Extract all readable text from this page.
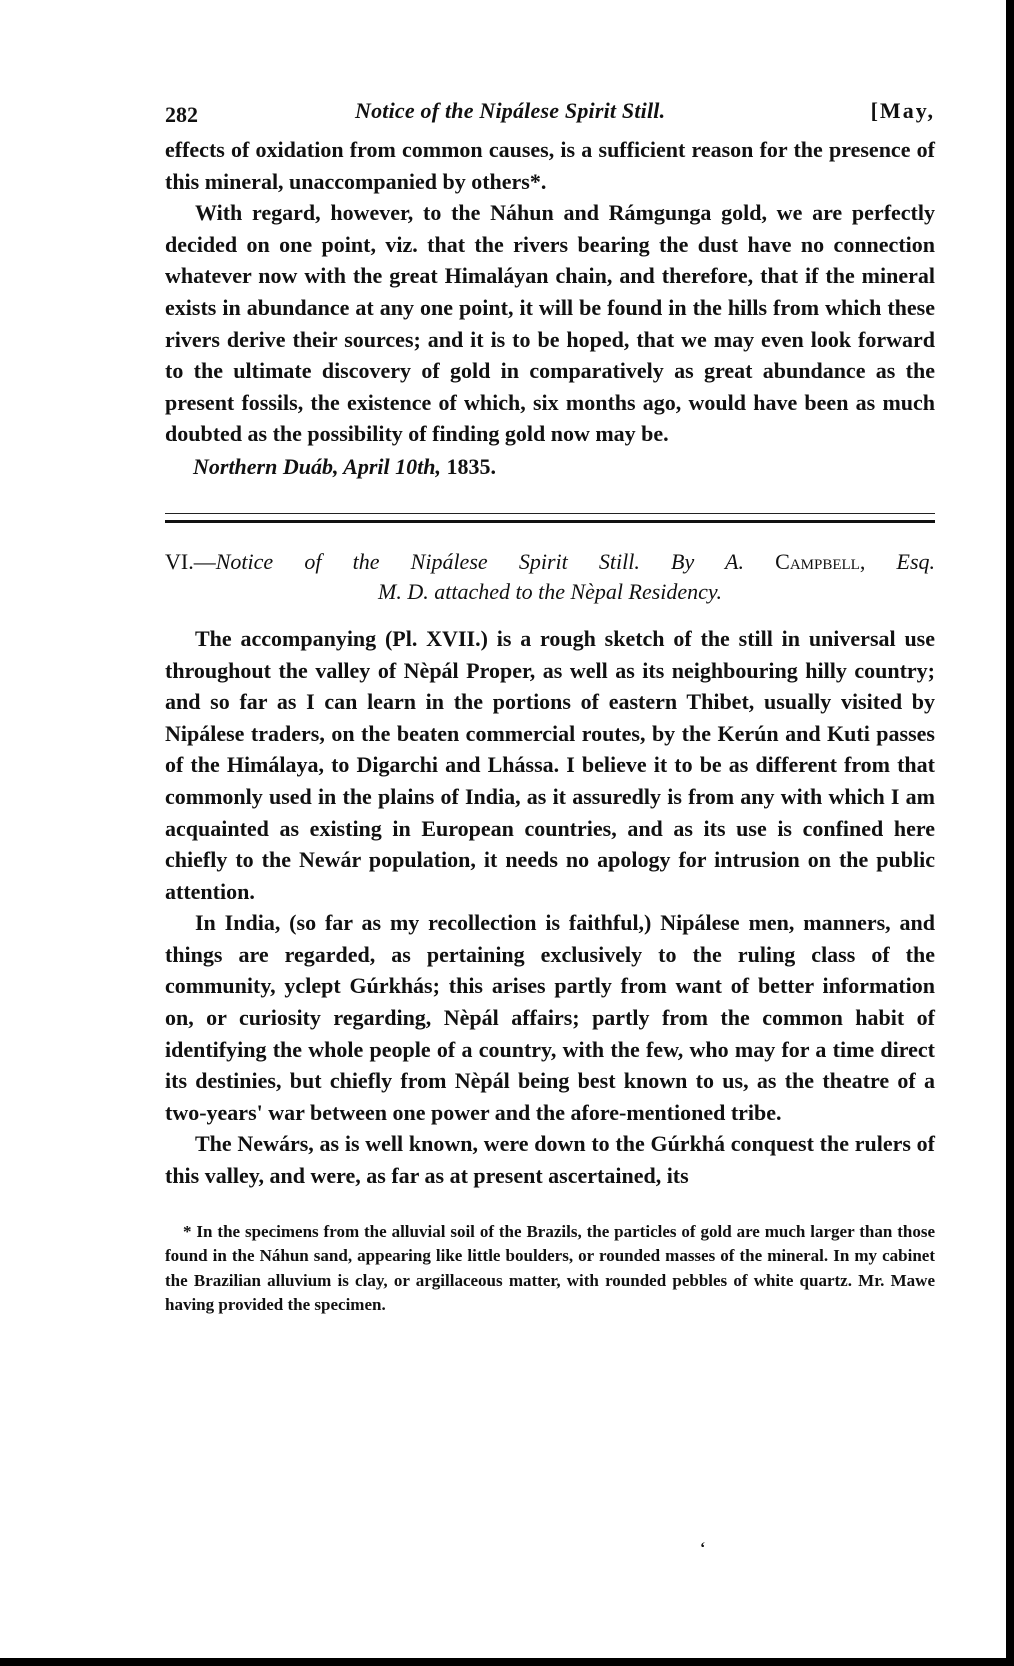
282	Notice of the Nipálese Spirit Still.	[May,

effects of oxidation from common causes, is a sufficient reason for the presence of this mineral, unaccompanied by others*.

With regard, however, to the Náhun and Rámgunga gold, we are perfectly decided on one point, viz. that the rivers bearing the dust have no connection whatever now with the great Himaláyan chain, and therefore, that if the mineral exists in abundance at any one point, it will be found in the hills from which these rivers derive their sources; and it is to be hoped, that we may even look forward to the ultimate discovery of gold in comparatively as great abundance as the present fossils, the existence of which, six months ago, would have been as much doubted as the possibility of finding gold now may be.

Northern Duáb, April 10th, 1835.
VI.—Notice of the Nipálese Spirit Still. By A. Campbell, Esq.
M. D. attached to the Nèpal Residency.

The accompanying (Pl. XVII.) is a rough sketch of the still in universal use throughout the valley of Nèpál Proper, as well as its neighbouring hilly country; and so far as I can learn in the portions of eastern Thibet, usually visited by Nipálese traders, on the beaten commercial routes, by the Kerún and Kuti passes of the Himálaya, to Digarchi and Lhássa. I believe it to be as different from that commonly used in the plains of India, as it assuredly is from any with which I am acquainted as existing in European countries, and as its use is confined here chiefly to the Newár population, it needs no apology for intrusion on the public attention.

In India, (so far as my recollection is faithful,) Nipálese men, manners, and things are regarded, as pertaining exclusively to the ruling class of the community, yclept Gúrkhás; this arises partly from want of better information on, or curiosity regarding, Nèpál affairs; partly from the common habit of identifying the whole people of a country, with the few, who may for a time direct its destinies, but chiefly from Nèpál being best known to us, as the theatre of a two-years' war between one power and the afore-mentioned tribe.

The Newárs, as is well known, were down to the Gúrkhá conquest the rulers of this valley, and were, as far as at present ascertained, its

* In the specimens from the alluvial soil of the Brazils, the particles of gold are much larger than those found in the Náhun sand, appearing like little boulders, or rounded masses of the mineral. In my cabinet the Brazilian alluvium is clay, or argillaceous matter, with rounded pebbles of white quartz. Mr. Mawe having provided the specimen.
‘
